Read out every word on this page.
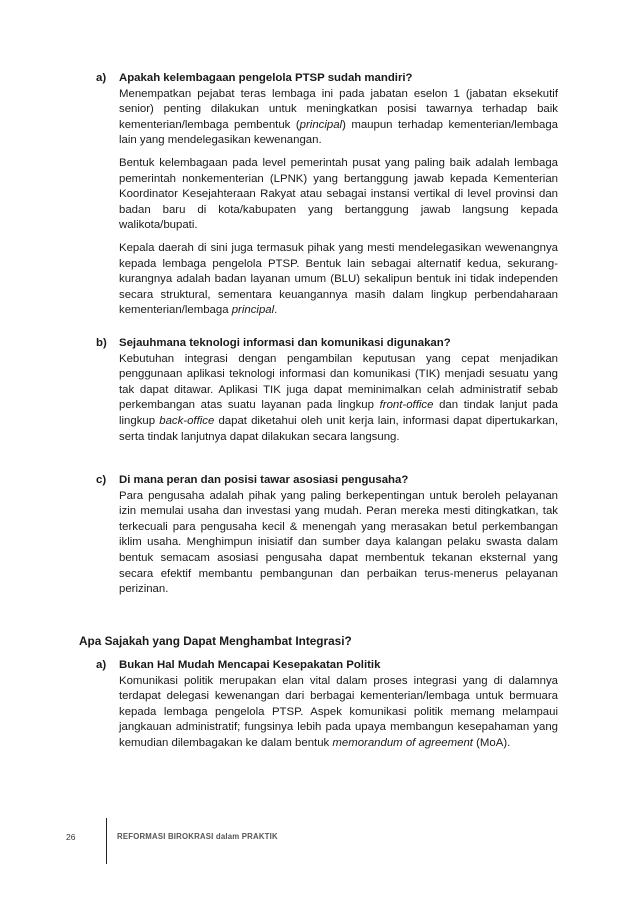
a) Apakah kelembagaan pengelola PTSP sudah mandiri?

Menempatkan pejabat teras lembaga ini pada jabatan eselon 1 (jabatan eksekutif senior) penting dilakukan untuk meningkatkan posisi tawarnya terhadap baik kementerian/lembaga pembentuk (principal) maupun terhadap kementerian/lembaga lain yang mendelegasikan kewenangan.

Bentuk kelembagaan pada level pemerintah pusat yang paling baik adalah lembaga pemerintah nonkementerian (LPNK) yang bertanggung jawab kepada Kementerian Koordinator Kesejahteraan Rakyat atau sebagai instansi vertikal di level provinsi dan badan baru di kota/kabupaten yang bertanggung jawab langsung kepada walikota/bupati.

Kepala daerah di sini juga termasuk pihak yang mesti mendelegasikan wewenangnya kepada lembaga pengelola PTSP. Bentuk lain sebagai alternatif kedua, sekurang-kurangnya adalah badan layanan umum (BLU) sekalipun bentuk ini tidak independen secara struktural, sementara keuangannya masih dalam lingkup perbendaharaan kementerian/lembaga principal.

b) Sejauhmana teknologi informasi dan komunikasi digunakan?

Kebutuhan integrasi dengan pengambilan keputusan yang cepat menjadikan penggunaan aplikasi teknologi informasi dan komunikasi (TIK) menjadi sesuatu yang tak dapat ditawar. Aplikasi TIK juga dapat meminimalkan celah administratif sebab perkembangan atas suatu layanan pada lingkup front-office dan tindak lanjut pada lingkup back-office dapat diketahui oleh unit kerja lain, informasi dapat dipertukarkan, serta tindak lanjutnya dapat dilakukan secara langsung.

c) Di mana peran dan posisi tawar asosiasi pengusaha?

Para pengusaha adalah pihak yang paling berkepentingan untuk beroleh pelayanan izin memulai usaha dan investasi yang mudah. Peran mereka mesti ditingkatkan, tak terkecuali para pengusaha kecil & menengah yang merasakan betul perkembangan iklim usaha. Menghimpun inisiatif dan sumber daya kalangan pelaku swasta dalam bentuk semacam asosiasi pengusaha dapat membentuk tekanan eksternal yang secara efektif membantu pembangunan dan perbaikan terus-menerus pelayanan perizinan.

Apa Sajakah yang Dapat Menghambat Integrasi?
a) Bukan Hal Mudah Mencapai Kesepakatan Politik

Komunikasi politik merupakan elan vital dalam proses integrasi yang di dalamnya terdapat delegasi kewenangan dari berbagai kementerian/lembaga untuk bermuara kepada lembaga pengelola PTSP. Aspek komunikasi politik memang melampaui jangkauan administratif; fungsinya lebih pada upaya membangun kesepahaman yang kemudian dilembagakan ke dalam bentuk memorandum of agreement (MoA).

26	REFORMASI BIROKRASI dalam PRAKTIK
